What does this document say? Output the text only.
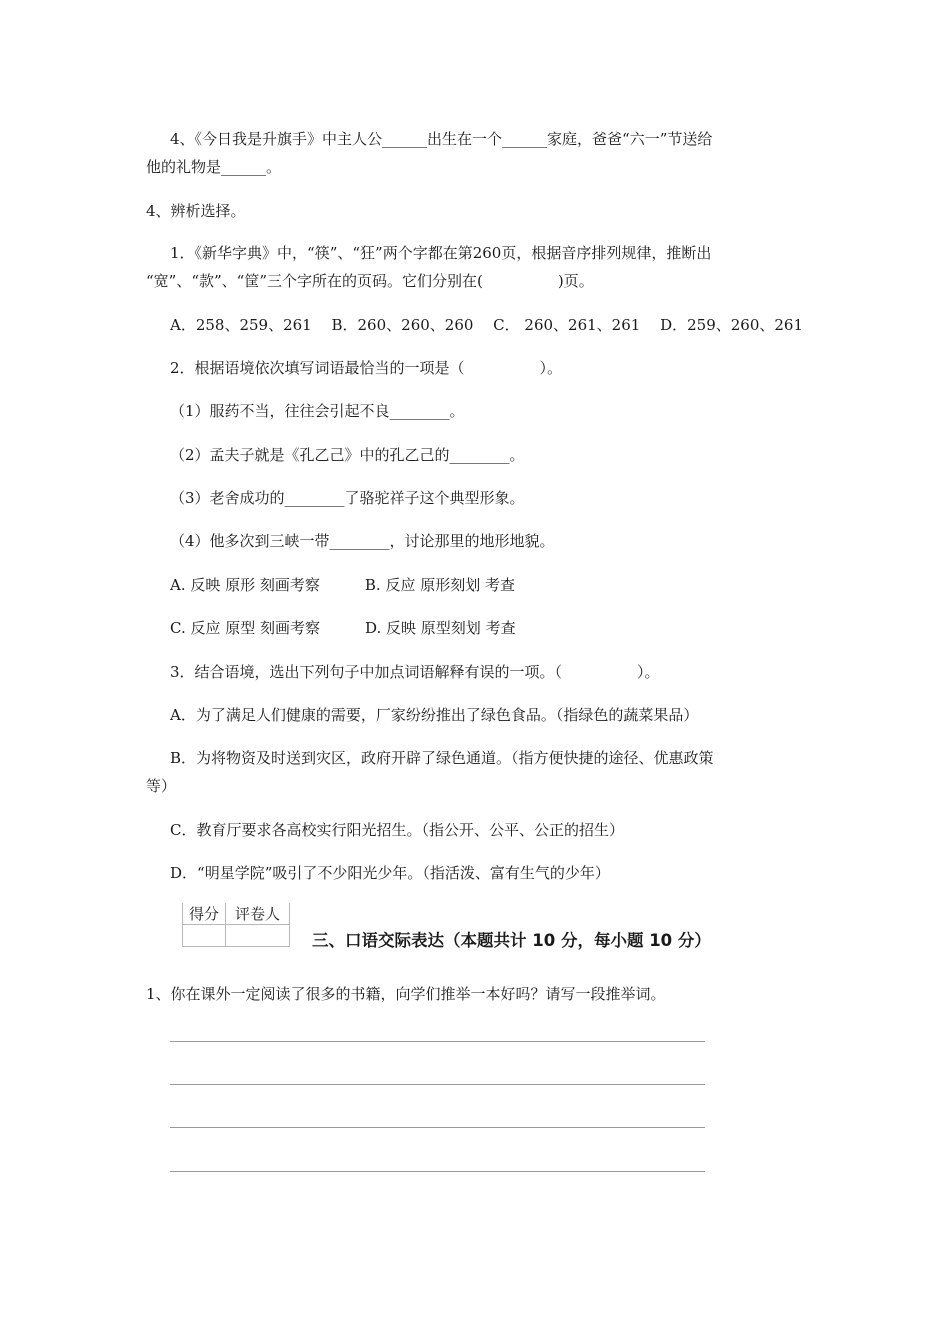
4、《今日我是升旗手》中主人公______出生在一个______家庭，爸爸“六一”节送给
他的礼物是______。
4、辨析选择。
1．《新华字典》中，“筷”、“狂”两个字都在第260页，根据音序排列规律，推断出
“宽”、“款”、“筐”三个字所在的页码。它们分别在(　　　　　)页。
A．258、259、261　 B．260、260、260　 C． 260、261、261　 D．259、260、261
2．根据语境依次填写词语最恰当的一项是（　　　　　）。
（1）服药不当，往往会引起不良________。
（2）孟夫子就是《孔乙己》中的孔乙己的________。
（3）老舍成功的________了骆驼祥子这个典型形象。
（4）他多次到三峡一带________，讨论那里的地形地貌。
A. 反映 原形 刻画考察　　　B. 反应 原形刻划 考查
C. 反应 原型 刻画考察　　　D. 反映 原型刻划 考查
3．结合语境，选出下列句子中加点词语解释有误的一项。（　　　　　）。
A．为了满足人们健康的需要，厂家纷纷推出了绿色食品。（指绿色的蔬菜果品）
B．为将物资及时送到灾区，政府开辟了绿色通道。（指方便快捷的途径、优惠政策
等）
C．教育厅要求各高校实行阳光招生。（指公开、公平、公正的招生）
D．“明星学院”吸引了不少阳光少年。（指活泼、富有生气的少年）
得分	评卷人

三、口语交际表达（本题共计 10 分，每小题 10 分）
1、你在课外一定阅读了很多的书籍，向学们推举一本好吗？请写一段推举词。
